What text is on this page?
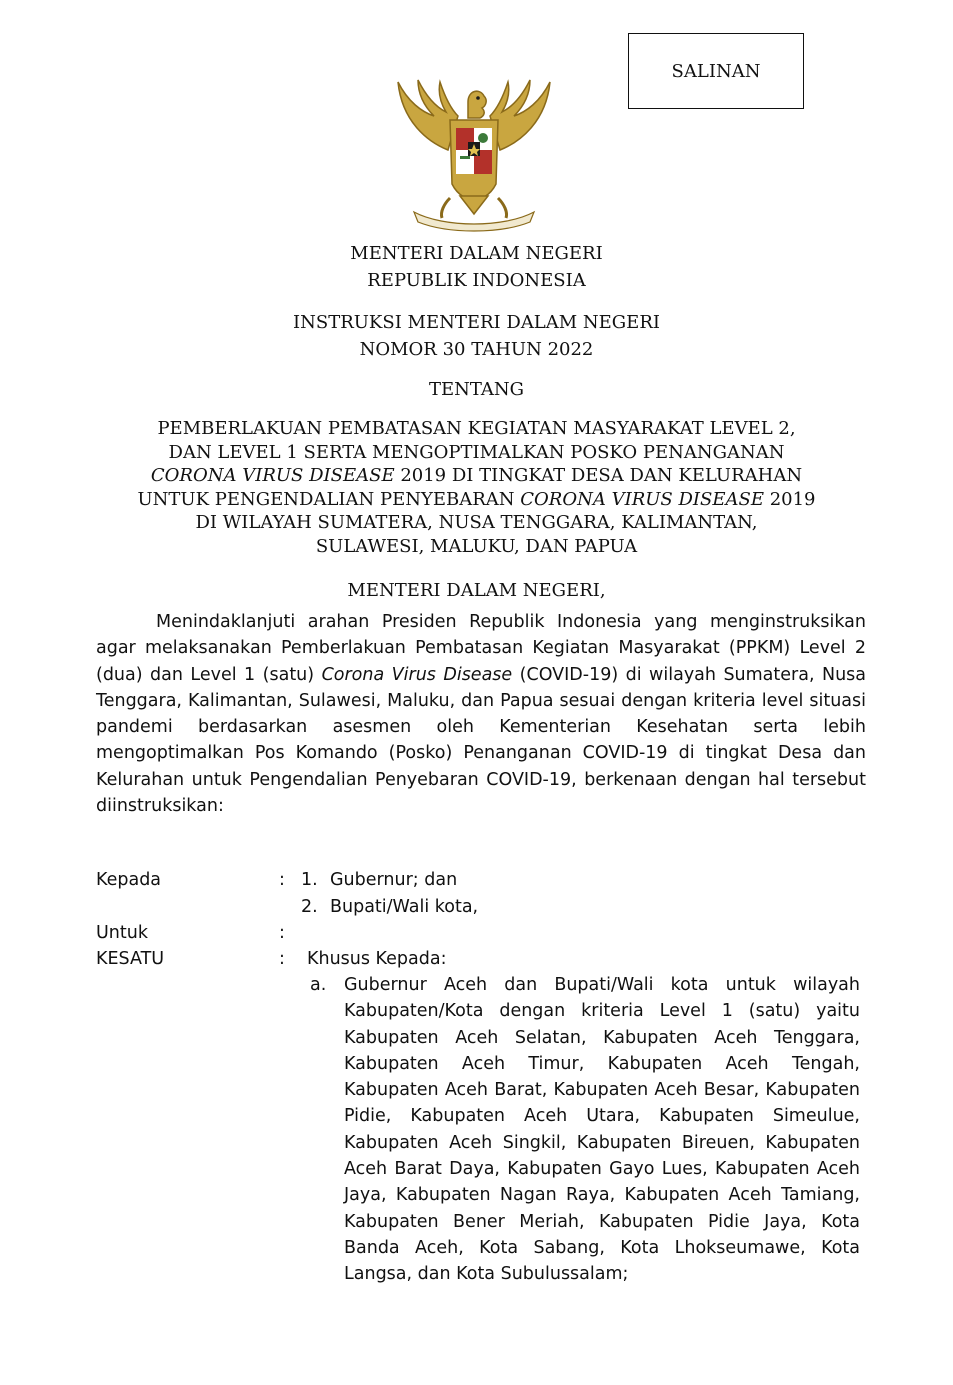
SALINAN
MENTERI DALAM NEGERI
REPUBLIK INDONESIA
INSTRUKSI MENTERI DALAM NEGERI
NOMOR 30 TAHUN 2022
TENTANG
PEMBERLAKUAN PEMBATASAN KEGIATAN MASYARAKAT LEVEL 2,
DAN LEVEL 1 SERTA MENGOPTIMALKAN POSKO PENANGANAN
CORONA VIRUS DISEASE 2019 DI TINGKAT DESA DAN KELURAHAN
UNTUK PENGENDALIAN PENYEBARAN CORONA VIRUS DISEASE 2019
DI WILAYAH SUMATERA, NUSA TENGGARA, KALIMANTAN,
SULAWESI, MALUKU, DAN PAPUA
MENTERI DALAM NEGERI,
Menindaklanjuti arahan Presiden Republik Indonesia yang menginstruksikan agar melaksanakan Pemberlakuan Pembatasan Kegiatan Masyarakat (PPKM) Level 2 (dua) dan Level 1 (satu) Corona Virus Disease (COVID-19) di wilayah Sumatera, Nusa Tenggara, Kalimantan, Sulawesi, Maluku, dan Papua sesuai dengan kriteria level situasi pandemi berdasarkan asesmen oleh Kementerian Kesehatan serta lebih mengoptimalkan Pos Komando (Posko) Penanganan COVID-19 di tingkat Desa dan Kelurahan untuk Pengendalian Penyebaran COVID-19, berkenaan dengan hal tersebut diinstruksikan:
Kepada	: 1. Gubernur; dan
2. Bupati/Wali kota,
Untuk	:
KESATU	: Khusus Kepada:
a. Gubernur Aceh dan Bupati/Wali kota untuk wilayah Kabupaten/Kota dengan kriteria Level 1 (satu) yaitu Kabupaten Aceh Selatan, Kabupaten Aceh Tenggara, Kabupaten Aceh Timur, Kabupaten Aceh Tengah, Kabupaten Aceh Barat, Kabupaten Aceh Besar, Kabupaten Pidie, Kabupaten Aceh Utara, Kabupaten Simeulue, Kabupaten Aceh Singkil, Kabupaten Bireuen, Kabupaten Aceh Barat Daya, Kabupaten Gayo Lues, Kabupaten Aceh Jaya, Kabupaten Nagan Raya, Kabupaten Aceh Tamiang, Kabupaten Bener Meriah, Kabupaten Pidie Jaya, Kota Banda Aceh, Kota Sabang, Kota Lhokseumawe, Kota Langsa, dan Kota Subulussalam;
